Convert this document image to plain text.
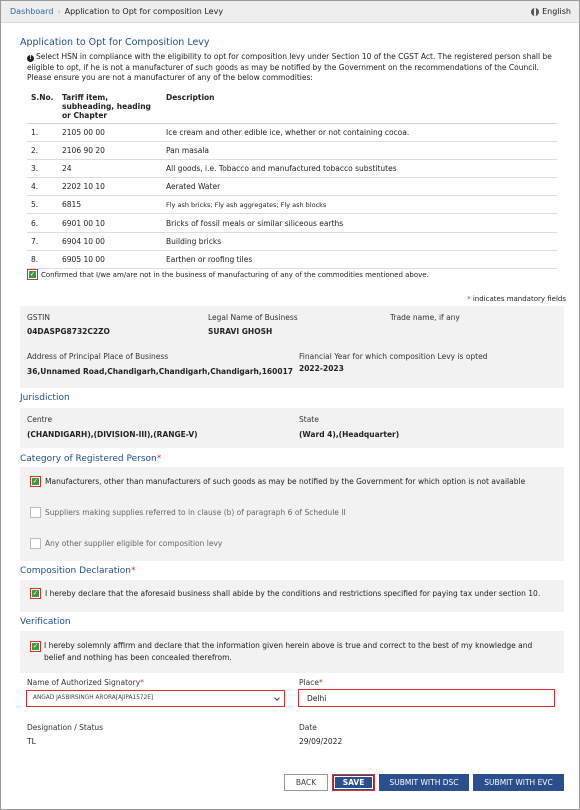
Dashboard › Application to Opt for composition Levy	English
Application to Opt for Composition Levy
! Select HSN in compliance with the eligibility to opt for composition levy under Section 10 of the CGST Act. The registered person shall be eligible to opt, if he is not a manufacturer of such goods as may be notified by the Government on the recommendations of the Council. Please ensure you are not a manufacturer of any of the below commodities:
S.No.	Tariff item, subheading, heading or Chapter	Description
1.	2105 00 00	Ice cream and other edible ice, whether or not containing cocoa.
2.	2106 90 20	Pan masala
3.	24	All goods, i.e. Tobacco and manufactured tobacco substitutes
4.	2202 10 10	Aerated Water
5.	6815	Fly ash bricks; Fly ash aggregates; Fly ash blocks
6.	6901 00 10	Bricks of fossil meals or similar siliceous earths
7.	6904 10 00	Building bricks
8.	6905 10 00	Earthen or roofing tiles
✓ Confirmed that I/we am/are not in the business of manufacturing of any of the commodities mentioned above.
* indicates mandatory fields
GSTIN
04DASPG8732C2ZO
Legal Name of Business
SURAVI GHOSH
Trade name, if any
Address of Principal Place of Business
36,Unnamed Road,Chandigarh,Chandigarh,Chandigarh,160017
Financial Year for which composition Levy is opted
2022-2023
Jurisdiction
Centre
(CHANDIGARH),(DIVISION-III),(RANGE-V)
State
(Ward 4),(Headquarter)
Category of Registered Person*
✓ Manufacturers, other than manufacturers of such goods as may be notified by the Government for which option is not available
Suppliers making supplies referred to in clause (b) of paragraph 6 of Schedule II
Any other supplier eligible for composition levy
Composition Declaration*
✓ I hereby declare that the aforesaid business shall abide by the conditions and restrictions specified for paying tax under section 10.
Verification
✓ I hereby solemnly affirm and declare that the information given herein above is true and correct to the best of my knowledge and belief and nothing has been concealed therefrom.
Name of Authorized Signatory*
ANGAD JASBIRSINGH ARORA[AJIPA1572E]
Place*
Delhi
Designation / Status
TL
Date
29/09/2022
BACK	SAVE	SUBMIT WITH DSC	SUBMIT WITH EVC
